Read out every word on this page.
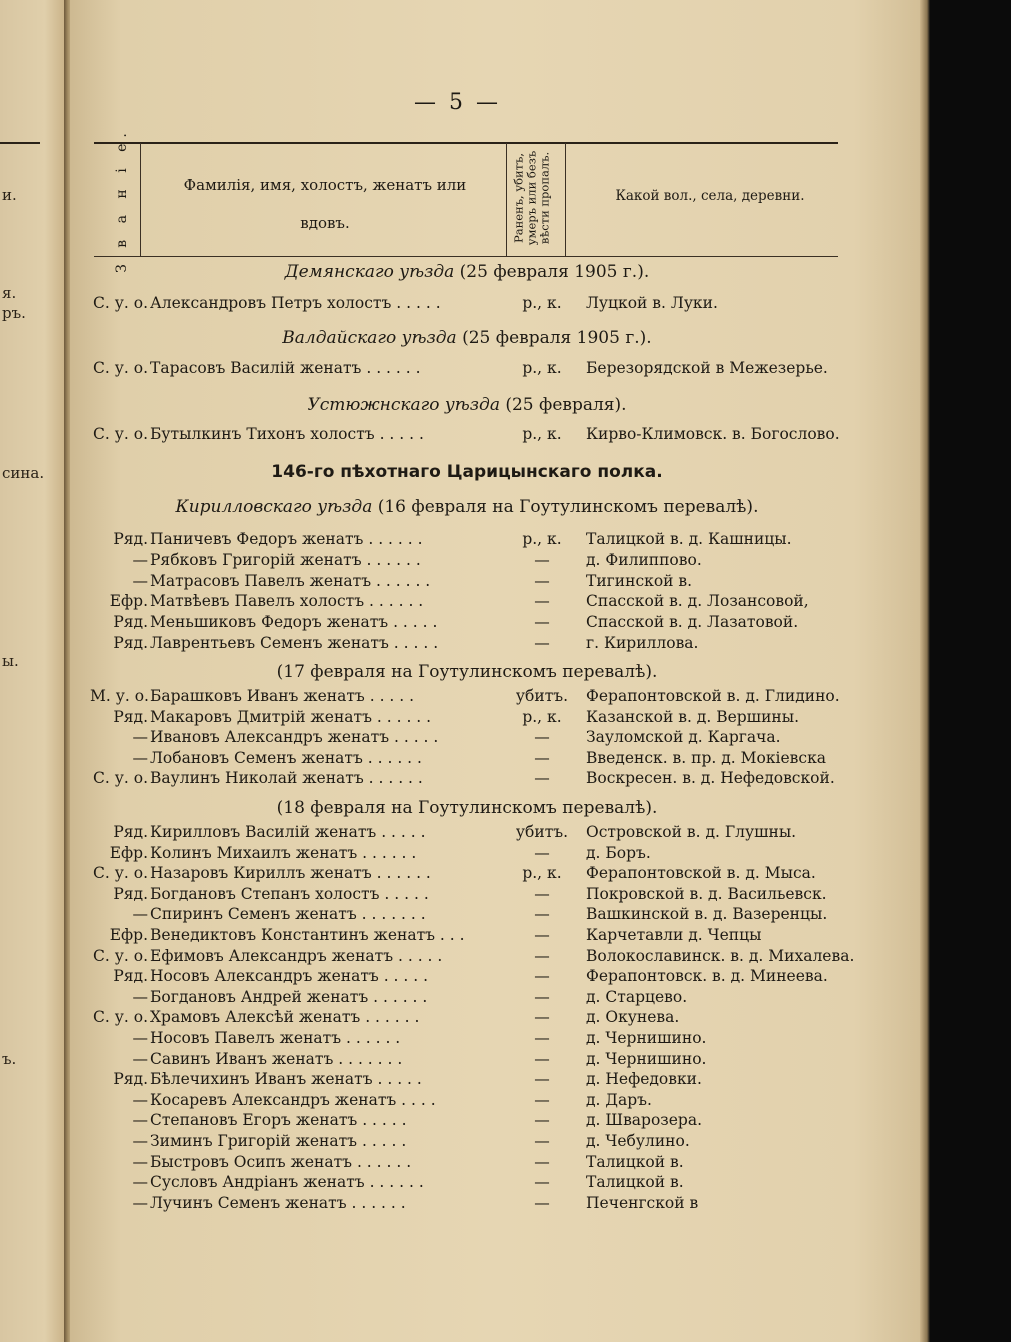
и.
я.
ръ.
сина.
ы.
ъ.
— 5 —
З в а н і е.	Фамилія, имя, холостъ, женатъ или вдовъ.	Раненъ, убитъ, умеръ или безъ вѣсти пропалъ.	Какой вол., села, деревни.
Демянскаго уѣзда (25 февраля 1905 г.).
С. у. о. Александровъ Петръ холостъ . . . . .	р., к.	Луцкой в. Луки.
Валдайскаго уѣзда (25 февраля 1905 г.).
С. у. о. Тарасовъ Василій женатъ . . . . . .	р., к.	Березорядской в Межезерье.
Устюжнскаго уѣзда (25 февраля).
С. у. о. Бутылкинъ Тихонъ холостъ . . . . .	р., к.	Кирво-Климовск. в. Богослово.
146-го пѣхотнаго Царицынскаго полка.
Кирилловскаго уѣзда (16 февраля на Гоутулинскомъ перевалѣ).
Ряд. Паничевъ Федоръ женатъ . . . . . .	р., к.	Талицкой в. д. Кашницы.
— Рябковъ Григорій женатъ . . . . . .	—	д. Филиппово.
— Матрасовъ Павелъ женатъ . . . . . .	—	Тигинской в.
Ефр. Матвѣевъ Павелъ холостъ . . . . . .	—	Спасской в. д. Лозансовой,
Ряд. Меньшиковъ Федоръ женатъ . . . . .	—	Спасской в. д. Лазатовой.
Ряд. Лаврентьевъ Семенъ женатъ . . . . .	—	г. Кириллова.
(17 февраля на Гоутулинскомъ перевалѣ).
М. у. о. Барашковъ Иванъ женатъ . . . . .	убитъ.	Ферапонтовской в. д. Глидино.
Ряд. Макаровъ Дмитрій женатъ . . . . . .	р., к.	Казанской в. д. Вершины.
— Ивановъ Александръ женатъ . . . . .	—	Зауломской д. Каргача.
— Лобановъ Семенъ женатъ . . . . . .	—	Введенск. в. пр. д. Мокіевска
С. у. о. Ваулинъ Николай женатъ . . . . . .	—	Воскресен. в. д. Нефедовской.
(18 февраля на Гоутулинскомъ перевалѣ).
Ряд. Кирилловъ Василій женатъ . . . . .	убитъ.	Островской в. д. Глушны.
Ефр. Колинъ Михаилъ женатъ . . . . . .	—	д. Боръ.
С. у. о. Назаровъ Кириллъ женатъ . . . . . .	р., к.	Ферапонтовской в. д. Мыса.
Ряд. Богдановъ Степанъ холостъ . . . . .	—	Покровской в. д. Васильевск.
— Спиринъ Семенъ женатъ . . . . . . .	—	Вашкинской в. д. Вазеренцы.
Ефр. Венедиктовъ Константинъ женатъ . . .	—	Карчетавли д. Чепцы
С. у. о. Ефимовъ Александръ женатъ . . . . .	—	Волокославинск. в. д. Михалева.
Ряд. Носовъ Александръ женатъ . . . . .	—	Ферапонтовск. в. д. Минеева.
— Богдановъ Андрей женатъ . . . . . .	—	д. Старцево.
С. у. о. Храмовъ Алексѣй женатъ . . . . . .	—	д. Окунева.
— Носовъ Павелъ женатъ . . . . . .	—	д. Чернишино.
— Савинъ Иванъ женатъ . . . . . . .	—	д. Чернишино.
Ряд. Бѣлечихинъ Иванъ женатъ . . . . .	—	д. Нефедовки.
— Косаревъ Александръ женатъ . . . .	—	д. Даръ.
— Степановъ Егоръ женатъ . . . . .	—	д. Шварозера.
— Зиминъ Григорій женатъ . . . . .	—	д. Чебулино.
— Быстровъ Осипъ женатъ . . . . . .	—	Талицкой в.
— Сусловъ Андріанъ женатъ . . . . . .	—	Талицкой в.
— Лучинъ Семенъ женатъ . . . . . .	—	Печенгской в
